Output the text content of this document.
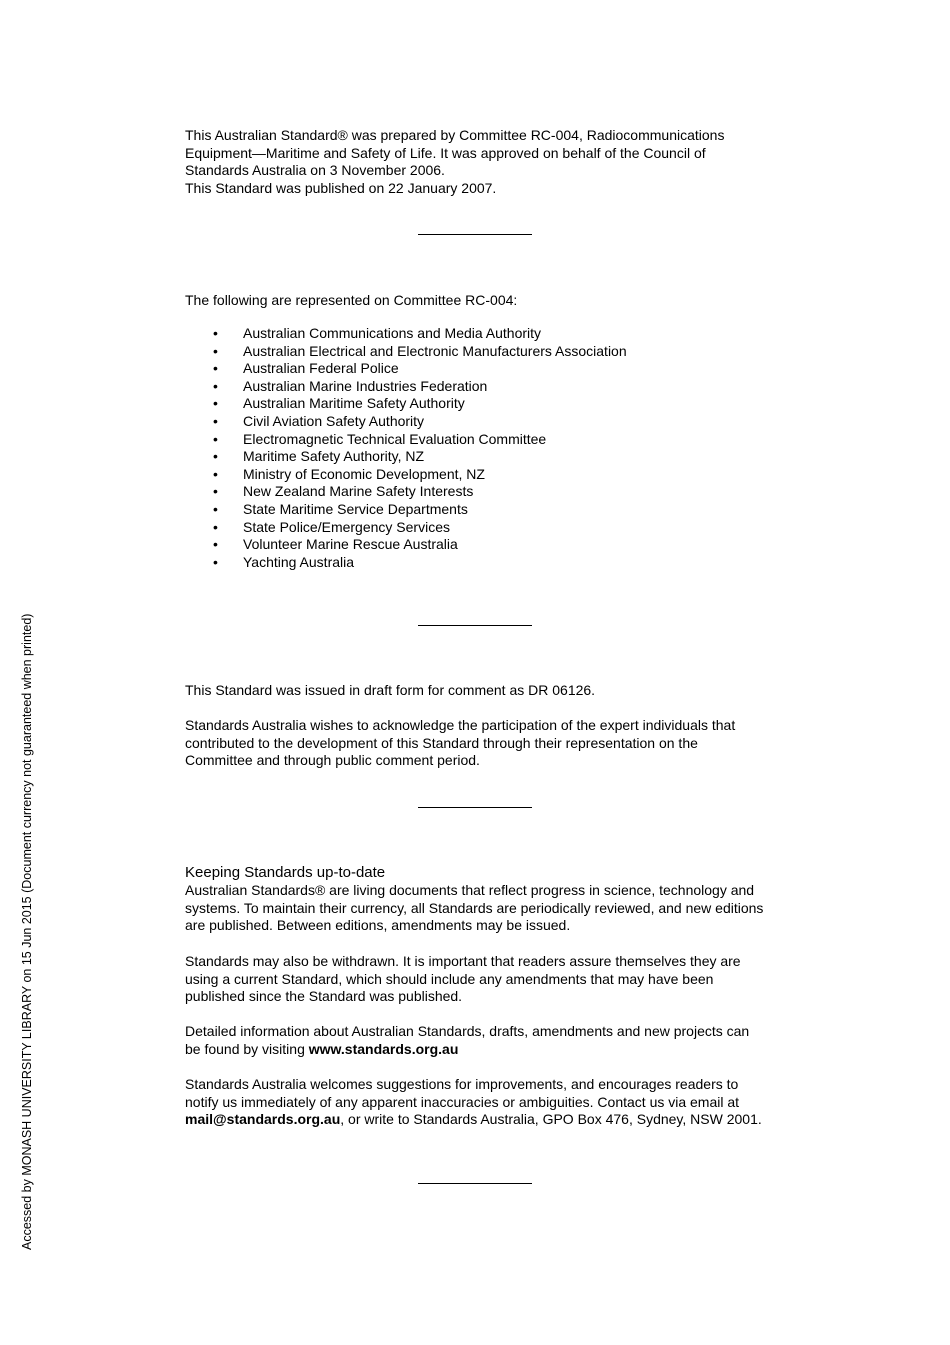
This Australian Standard® was prepared by Committee RC-004, Radiocommunications
Equipment—Maritime and Safety of Life. It was approved on behalf of the Council of
Standards Australia on 3 November 2006.
This Standard was published on 22 January 2007.

The following are represented on Committee RC-004:

• Australian Communications and Media Authority
• Australian Electrical and Electronic Manufacturers Association
• Australian Federal Police
• Australian Marine Industries Federation
• Australian Maritime Safety Authority
• Civil Aviation Safety Authority
• Electromagnetic Technical Evaluation Committee
• Maritime Safety Authority, NZ
• Ministry of Economic Development, NZ
• New Zealand Marine Safety Interests
• State Maritime Service Departments
• State Police/Emergency Services
• Volunteer Marine Rescue Australia
• Yachting Australia

This Standard was issued in draft form for comment as DR 06126.

Standards Australia wishes to acknowledge the participation of the expert individuals that
contributed to the development of this Standard through their representation on the
Committee and through public comment period.

Keeping Standards up-to-date

Australian Standards® are living documents that reflect progress in science, technology and
systems. To maintain their currency, all Standards are periodically reviewed, and new editions
are published. Between editions, amendments may be issued.

Standards may also be withdrawn. It is important that readers assure themselves they are
using a current Standard, which should include any amendments that may have been
published since the Standard was published.

Detailed information about Australian Standards, drafts, amendments and new projects can
be found by visiting www.standards.org.au

Standards Australia welcomes suggestions for improvements, and encourages readers to
notify us immediately of any apparent inaccuracies or ambiguities. Contact us via email at
mail@standards.org.au, or write to Standards Australia, GPO Box 476, Sydney, NSW 2001.

Accessed by MONASH UNIVERSITY LIBRARY on 15 Jun 2015 (Document currency not guaranteed when printed)
